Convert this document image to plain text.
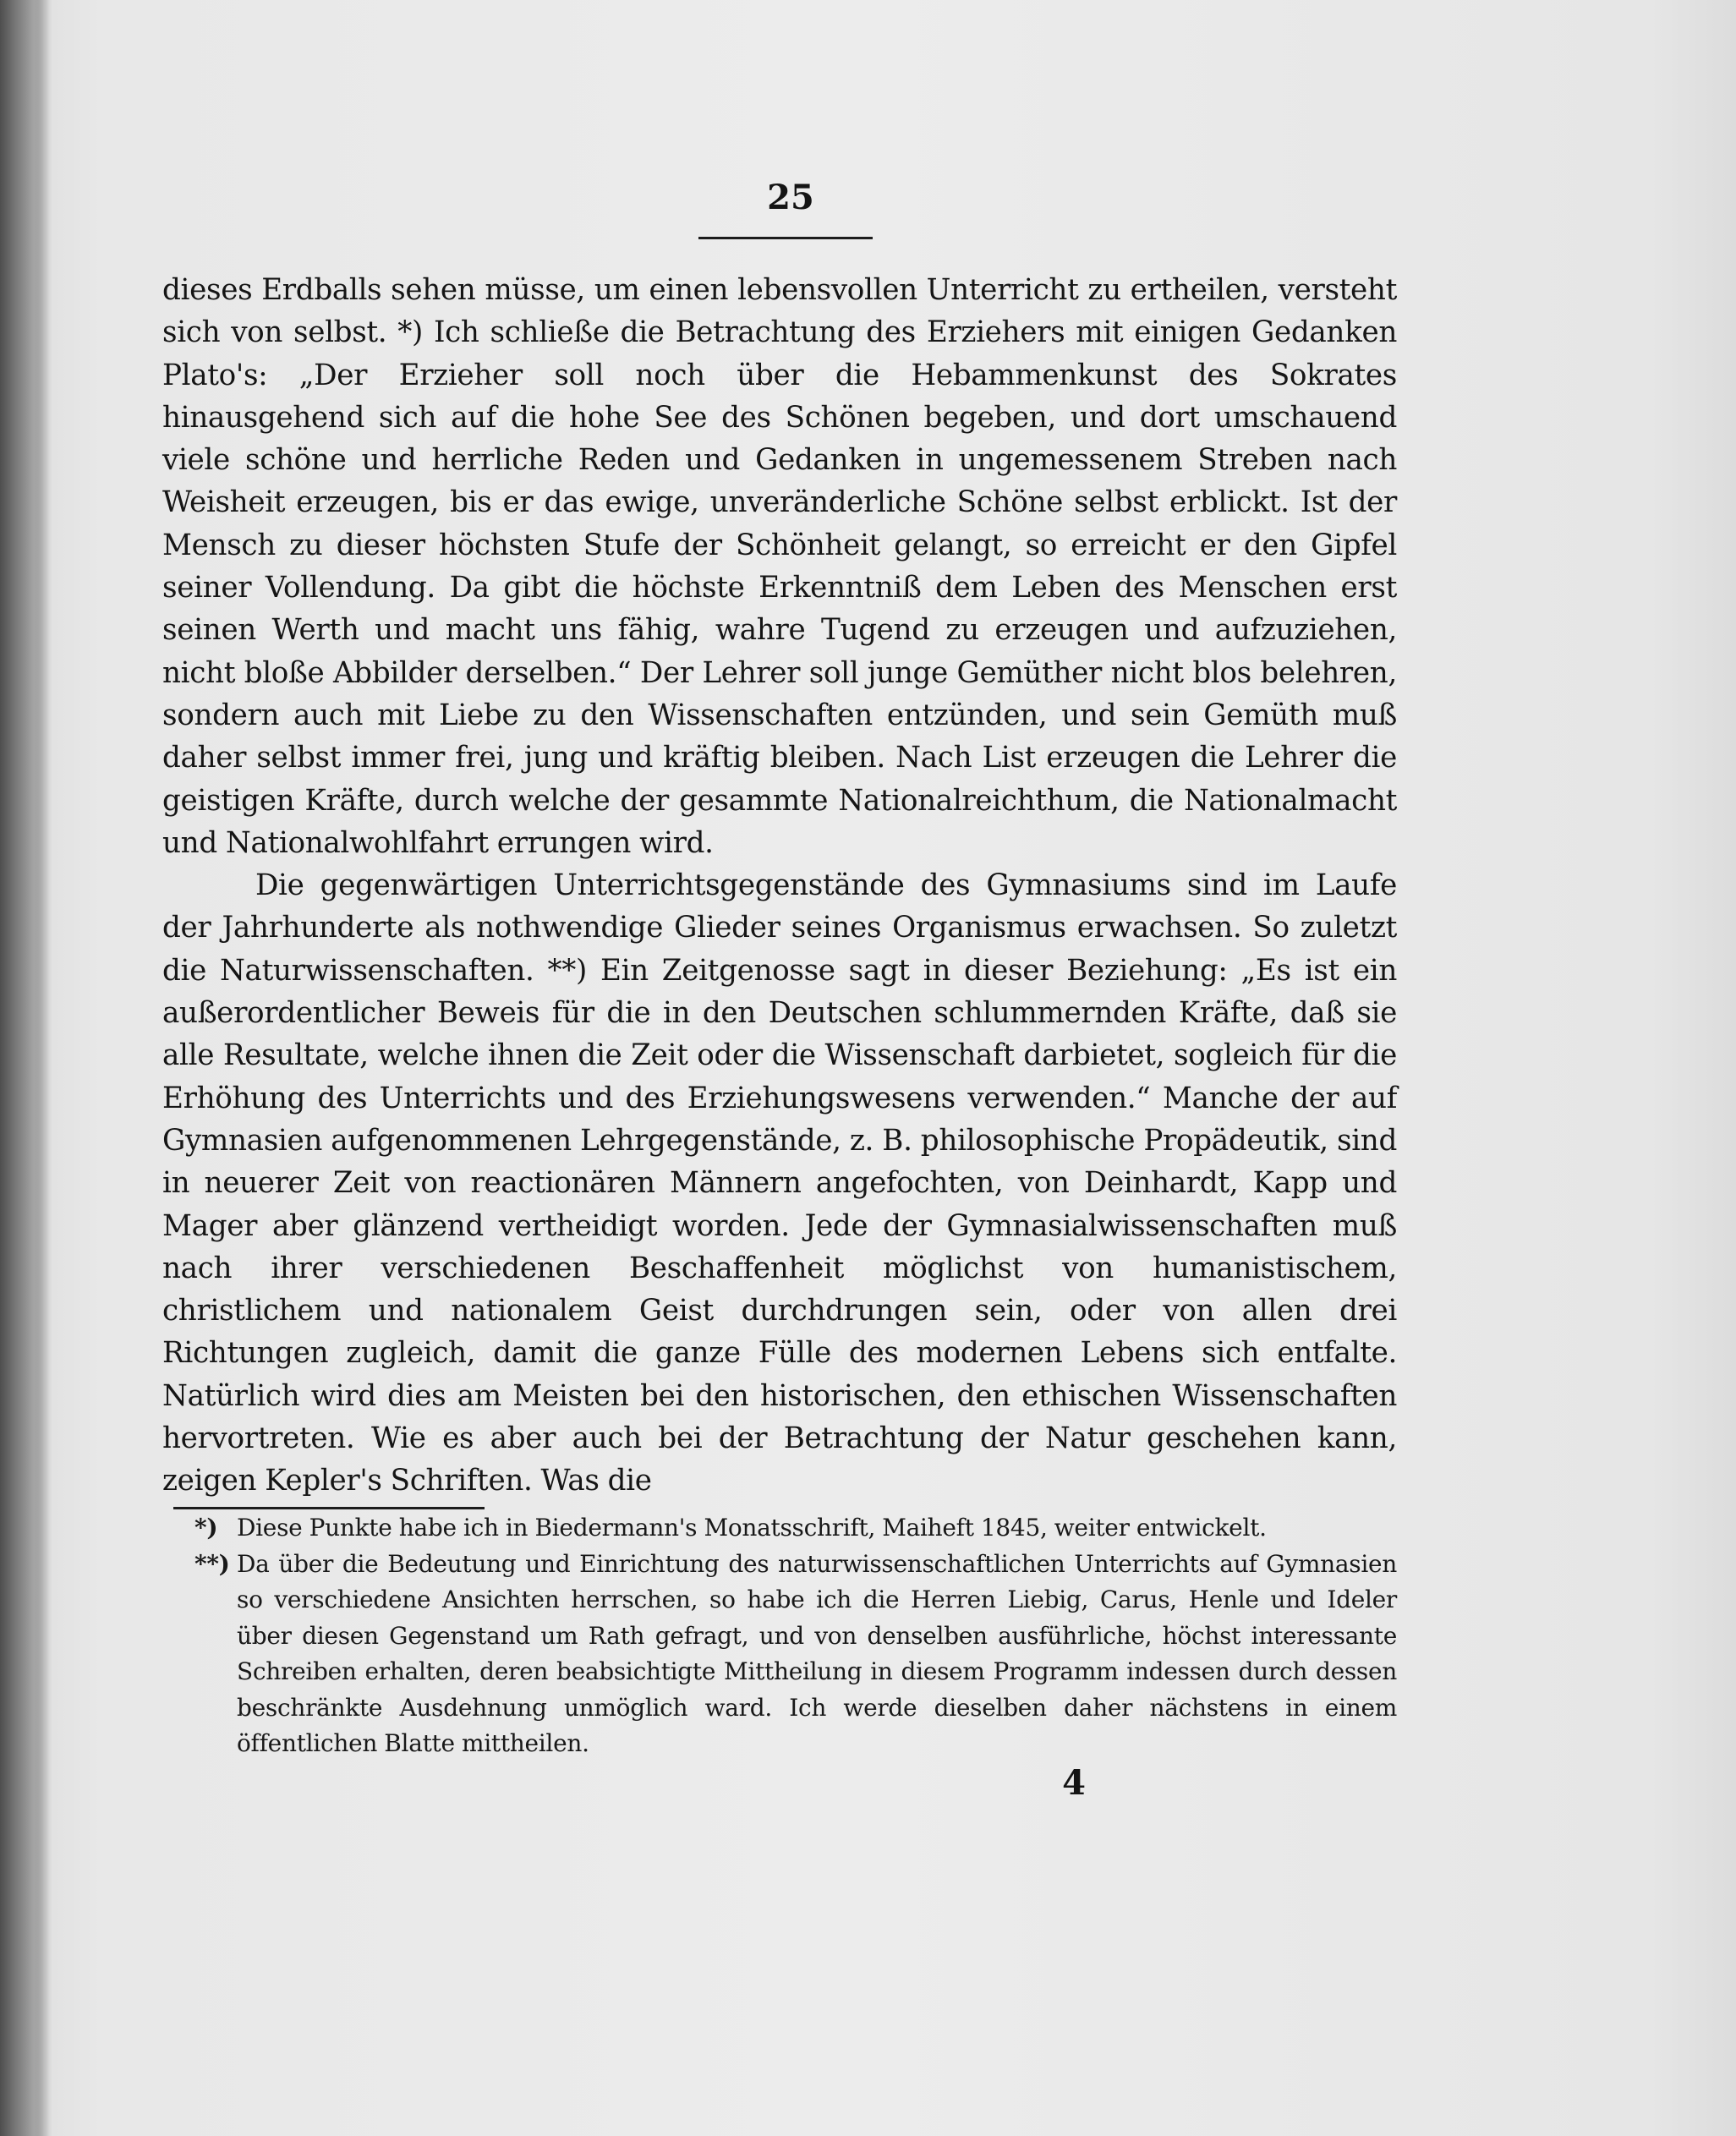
25

dieses Erdballs sehen müsse, um einen lebensvollen Unterricht zu ertheilen, versteht sich von selbst. *) Ich schließe die Betrachtung des Erziehers mit einigen Gedanken Plato's: „Der Erzieher soll noch über die Hebammenkunst des Sokrates hinausgehend sich auf die hohe See des Schönen begeben, und dort umschauend viele schöne und herrliche Reden und Gedanken in ungemessenem Streben nach Weisheit erzeugen, bis er das ewige, unveränderliche Schöne selbst erblickt. Ist der Mensch zu dieser höchsten Stufe der Schönheit gelangt, so erreicht er den Gipfel seiner Vollendung. Da gibt die höchste Erkenntniß dem Leben des Menschen erst seinen Werth und macht uns fähig, wahre Tugend zu erzeugen und aufzuziehen, nicht bloße Abbilder derselben.“ Der Lehrer soll junge Gemüther nicht blos belehren, sondern auch mit Liebe zu den Wissenschaften entzünden, und sein Gemüth muß daher selbst immer frei, jung und kräftig bleiben. Nach List erzeugen die Lehrer die geistigen Kräfte, durch welche der gesammte Nationalreichthum, die Nationalmacht und Nationalwohlfahrt errungen wird.

Die gegenwärtigen Unterrichtsgegenstände des Gymnasiums sind im Laufe der Jahrhunderte als nothwendige Glieder seines Organismus erwachsen. So zuletzt die Naturwissenschaften. **) Ein Zeitgenosse sagt in dieser Beziehung: „Es ist ein außerordentlicher Beweis für die in den Deutschen schlummernden Kräfte, daß sie alle Resultate, welche ihnen die Zeit oder die Wissenschaft darbietet, sogleich für die Erhöhung des Unterrichts und des Erziehungswesens verwenden.“ Manche der auf Gymnasien aufgenommenen Lehrgegenstände, z. B. philosophische Propädeutik, sind in neuerer Zeit von reactionären Männern angefochten, von Deinhardt, Kapp und Mager aber glänzend vertheidigt worden. Jede der Gymnasialwissenschaften muß nach ihrer verschiedenen Beschaffenheit möglichst von humanistischem, christlichem und nationalem Geist durchdrungen sein, oder von allen drei Richtungen zugleich, damit die ganze Fülle des modernen Lebens sich entfalte. Natürlich wird dies am Meisten bei den historischen, den ethischen Wissenschaften hervortreten. Wie es aber auch bei der Betrachtung der Natur geschehen kann, zeigen Kepler's Schriften. Was die

*) Diese Punkte habe ich in Biedermann's Monatsschrift, Maiheft 1845, weiter entwickelt.
**) Da über die Bedeutung und Einrichtung des naturwissenschaftlichen Unterrichts auf Gymnasien so verschiedene Ansichten herrschen, so habe ich die Herren Liebig, Carus, Henle und Ideler über diesen Gegenstand um Rath gefragt, und von denselben ausführliche, höchst interessante Schreiben erhalten, deren beabsichtigte Mittheilung in diesem Programm indessen durch dessen beschränkte Ausdehnung unmöglich ward. Ich werde dieselben daher nächstens in einem öffentlichen Blatte mittheilen.
4
